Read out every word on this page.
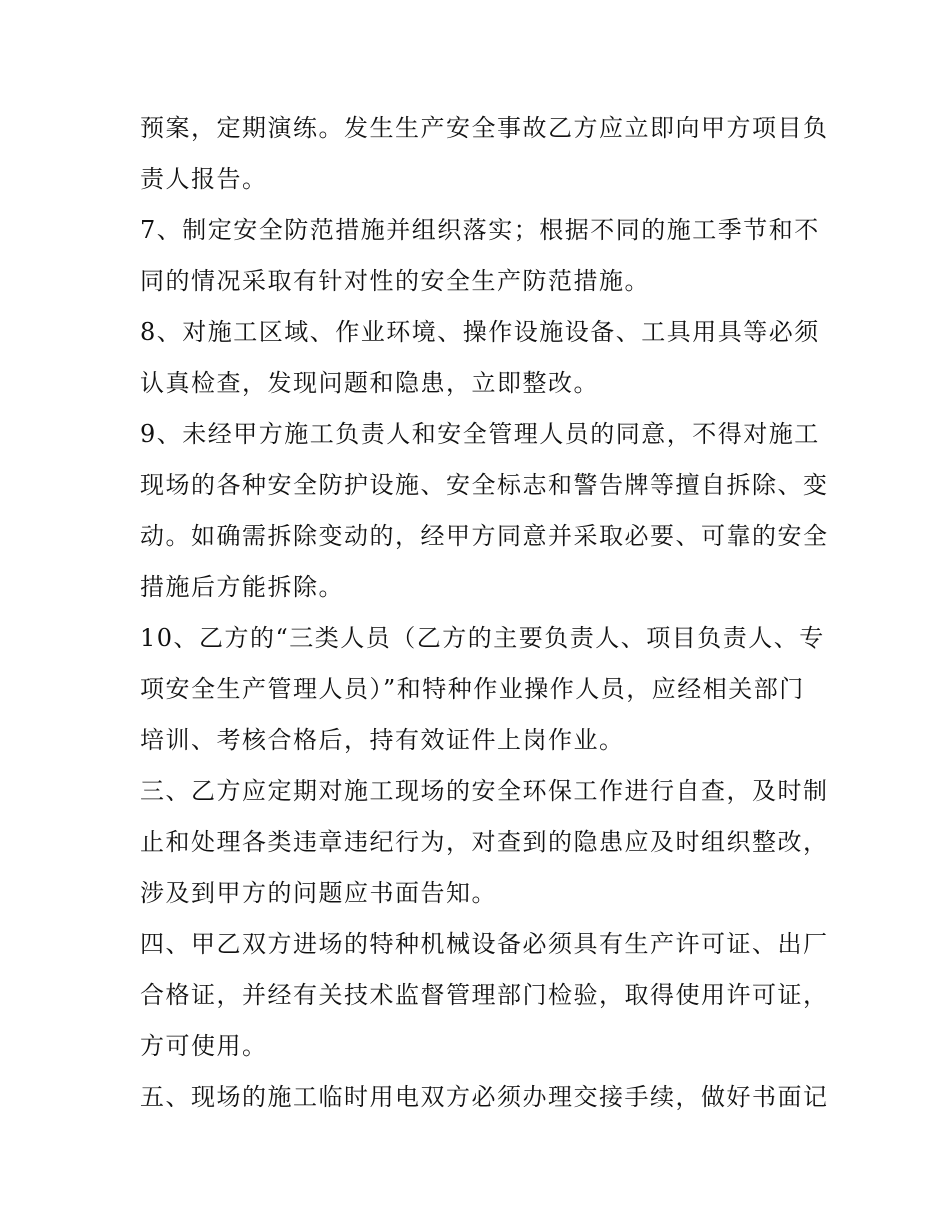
预案，定期演练。发生生产安全事故乙方应立即向甲方项目负
责人报告。
7、制定安全防范措施并组织落实；根据不同的施工季节和不
同的情况采取有针对性的安全生产防范措施。
8、对施工区域、作业环境、操作设施设备、工具用具等必须
认真检查，发现问题和隐患，立即整改。
9、未经甲方施工负责人和安全管理人员的同意，不得对施工
现场的各种安全防护设施、安全标志和警告牌等擅自拆除、变
动。如确需拆除变动的，经甲方同意并采取必要、可靠的安全
措施后方能拆除。
10、乙方的“三类人员（乙方的主要负责人、项目负责人、专
项安全生产管理人员）”和特种作业操作人员，应经相关部门
培训、考核合格后，持有效证件上岗作业。
三、乙方应定期对施工现场的安全环保工作进行自查，及时制
止和处理各类违章违纪行为，对查到的隐患应及时组织整改，
涉及到甲方的问题应书面告知。
四、甲乙双方进场的特种机械设备必须具有生产许可证、出厂
合格证，并经有关技术监督管理部门检验，取得使用许可证，
方可使用。
五、现场的施工临时用电双方必须办理交接手续，做好书面记
